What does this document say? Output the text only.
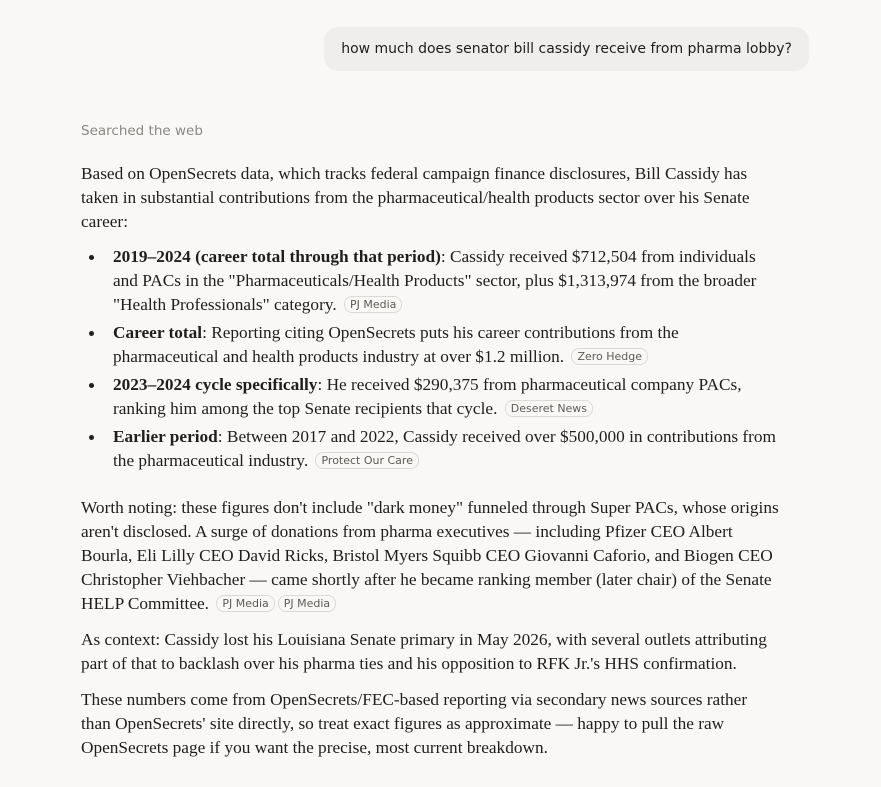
how much does senator bill cassidy receive from pharma lobby?
Searched the web

Based on OpenSecrets data, which tracks federal campaign finance disclosures, Bill Cassidy has taken in substantial contributions from the pharmaceutical/health products sector over his Senate career:

2019–2024 (career total through that period): Cassidy received $712,504 from individuals and PACs in the "Pharmaceuticals/Health Products" sector, plus $1,313,974 from the broader "Health Professionals" category. PJ Media
Career total: Reporting citing OpenSecrets puts his career contributions from the pharmaceutical and health products industry at over $1.2 million. Zero Hedge
2023–2024 cycle specifically: He received $290,375 from pharmaceutical company PACs, ranking him among the top Senate recipients that cycle. Deseret News
Earlier period: Between 2017 and 2022, Cassidy received over $500,000 in contributions from the pharmaceutical industry. Protect Our Care

Worth noting: these figures don't include "dark money" funneled through Super PACs, whose origins aren't disclosed. A surge of donations from pharma executives — including Pfizer CEO Albert Bourla, Eli Lilly CEO David Ricks, Bristol Myers Squibb CEO Giovanni Caforio, and Biogen CEO Christopher Viehbacher — came shortly after he became ranking member (later chair) of the Senate HELP Committee. PJ Media PJ Media

As context: Cassidy lost his Louisiana Senate primary in May 2026, with several outlets attributing part of that to backlash over his pharma ties and his opposition to RFK Jr.'s HHS confirmation.

These numbers come from OpenSecrets/FEC-based reporting via secondary news sources rather than OpenSecrets' site directly, so treat exact figures as approximate — happy to pull the raw OpenSecrets page if you want the precise, most current breakdown.
